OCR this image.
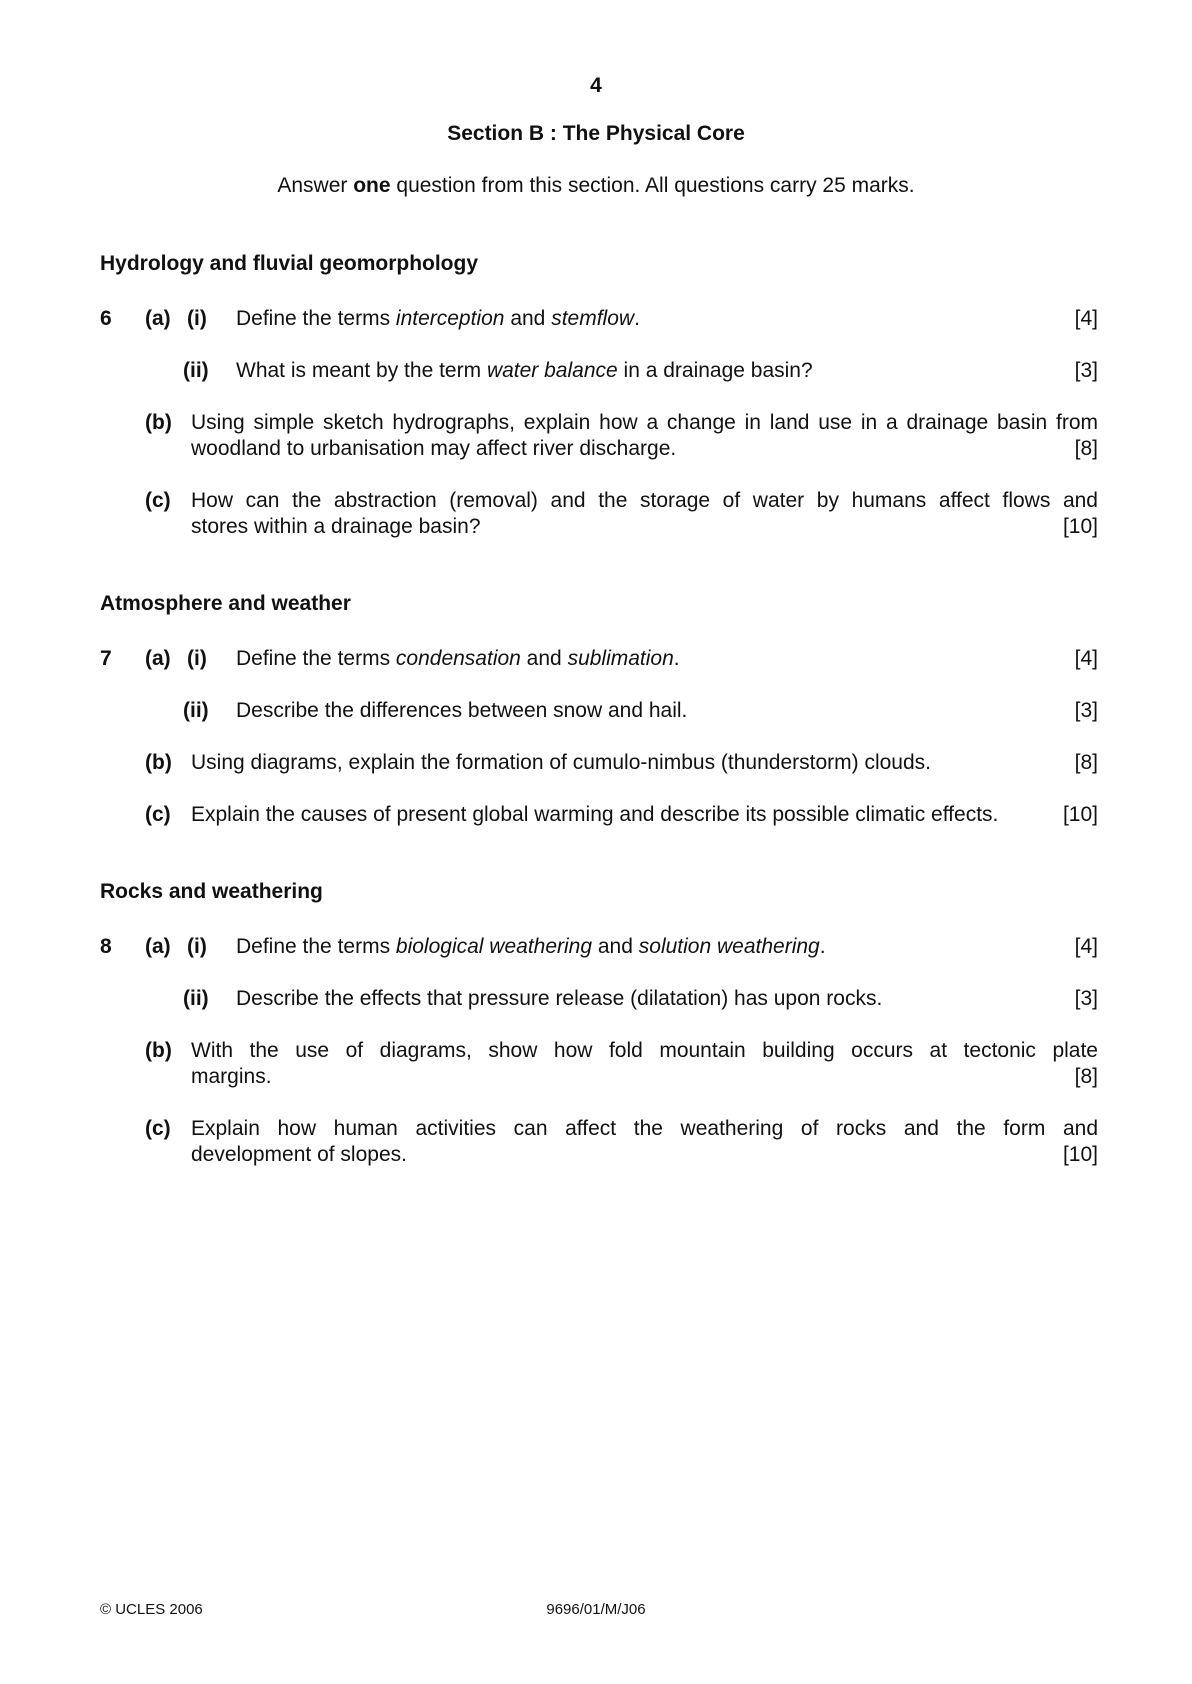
4
Section B : The Physical Core
Answer one question from this section. All questions carry 25 marks.
Hydrology and fluvial geomorphology
6 (a) (i) Define the terms interception and stemflow.	[4]
(ii) What is meant by the term water balance in a drainage basin?	[3]
(b) Using simple sketch hydrographs, explain how a change in land use in a drainage basin from
woodland to urbanisation may affect river discharge.	[8]
(c) How can the abstraction (removal) and the storage of water by humans affect flows and
stores within a drainage basin?	[10]
Atmosphere and weather
7 (a) (i) Define the terms condensation and sublimation.	[4]
(ii) Describe the differences between snow and hail.	[3]
(b) Using diagrams, explain the formation of cumulo-nimbus (thunderstorm) clouds.	[8]
(c) Explain the causes of present global warming and describe its possible climatic effects.	[10]
Rocks and weathering
8 (a) (i) Define the terms biological weathering and solution weathering.	[4]
(ii) Describe the effects that pressure release (dilatation) has upon rocks.	[3]
(b) With the use of diagrams, show how fold mountain building occurs at tectonic plate
margins.	[8]
(c) Explain how human activities can affect the weathering of rocks and the form and
development of slopes.	[10]
© UCLES 2006	9696/01/M/J06
